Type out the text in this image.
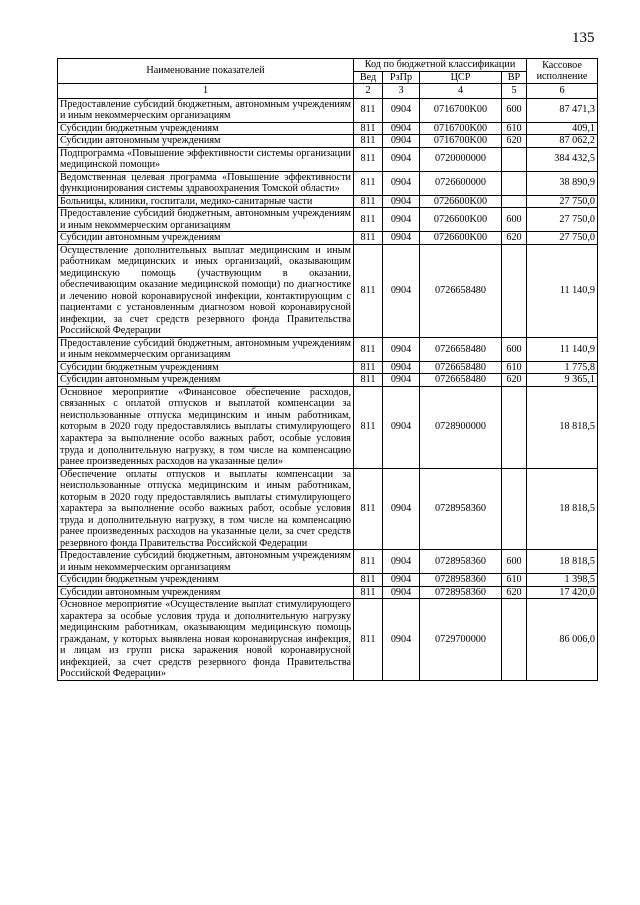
135
Наименование показателей	Код по бюджетной классификации				Кассовое исполнение
	Вед	РзПр	ЦСР	ВР	
1	2	3	4	5	6
Предоставление субсидий бюджетным, автономным учреждениям и иным некоммерческим организациям	811	0904	0716700K00	600	87 471,3
Субсидии бюджетным учреждениям	811	0904	0716700K00	610	409,1
Субсидии автономным учреждениям	811	0904	0716700K00	620	87 062,2
Подпрограмма «Повышение эффективности системы организации медицинской помощи»	811	0904	0720000000		384 432,5
Ведомственная целевая программа «Повышение эффективности функционирования системы здравоохранения Томской области»	811	0904	0726600000		38 890,9
Больницы, клиники, госпитали, медико-санитарные части	811	0904	0726600K00		27 750,0
Предоставление субсидий бюджетным, автономным учреждениям и иным некоммерческим организациям	811	0904	0726600K00	600	27 750,0
Субсидии автономным учреждениям	811	0904	0726600K00	620	27 750,0
Осуществление дополнительных выплат медицинским и иным работникам медицинских и иных организаций, оказывающим медицинскую помощь (участвующим в оказании, обеспечивающим оказание медицинской помощи) по диагностике и лечению новой коронавирусной инфекции, контактирующим с пациентами с установленным диагнозом новой коронавирусной инфекции, за счет средств резервного фонда Правительства Российской Федерации	811	0904	0726658480		11 140,9
Предоставление субсидий бюджетным, автономным учреждениям и иным некоммерческим организациям	811	0904	0726658480	600	11 140,9
Субсидии бюджетным учреждениям	811	0904	0726658480	610	1 775,8
Субсидии автономным учреждениям	811	0904	0726658480	620	9 365,1
Основное мероприятие «Финансовое обеспечение расходов, связанных с оплатой отпусков и выплатой компенсации за неиспользованные отпуска медицинским и иным работникам, которым в 2020 году предоставлялись выплаты стимулирующего характера за выполнение особо важных работ, особые условия труда и дополнительную нагрузку, в том числе на компенсацию ранее произведенных расходов на указанные цели»	811	0904	0728900000		18 818,5
Обеспечение оплаты отпусков и выплаты компенсации за неиспользованные отпуска медицинским и иным работникам, которым в 2020 году предоставлялись выплаты стимулирующего характера за выполнение особо важных работ, особые условия труда и дополнительную нагрузку, в том числе на компенсацию ранее произведенных расходов на указанные цели, за счет средств резервного фонда Правительства Российской Федерации	811	0904	0728958360		18 818,5
Предоставление субсидий бюджетным, автономным учреждениям и иным некоммерческим организациям	811	0904	0728958360	600	18 818,5
Субсидии бюджетным учреждениям	811	0904	0728958360	610	1 398,5
Субсидии автономным учреждениям	811	0904	0728958360	620	17 420,0
Основное мероприятие «Осуществление выплат стимулирующего характера за особые условия труда и дополнительную нагрузку медицинским работникам, оказывающим медицинскую помощь гражданам, у которых выявлена новая коронавирусная инфекция, и лицам из групп риска заражения новой коронавирусной инфекцией, за счет средств резервного фонда Правительства Российской Федерации»	811	0904	0729700000		86 006,0
